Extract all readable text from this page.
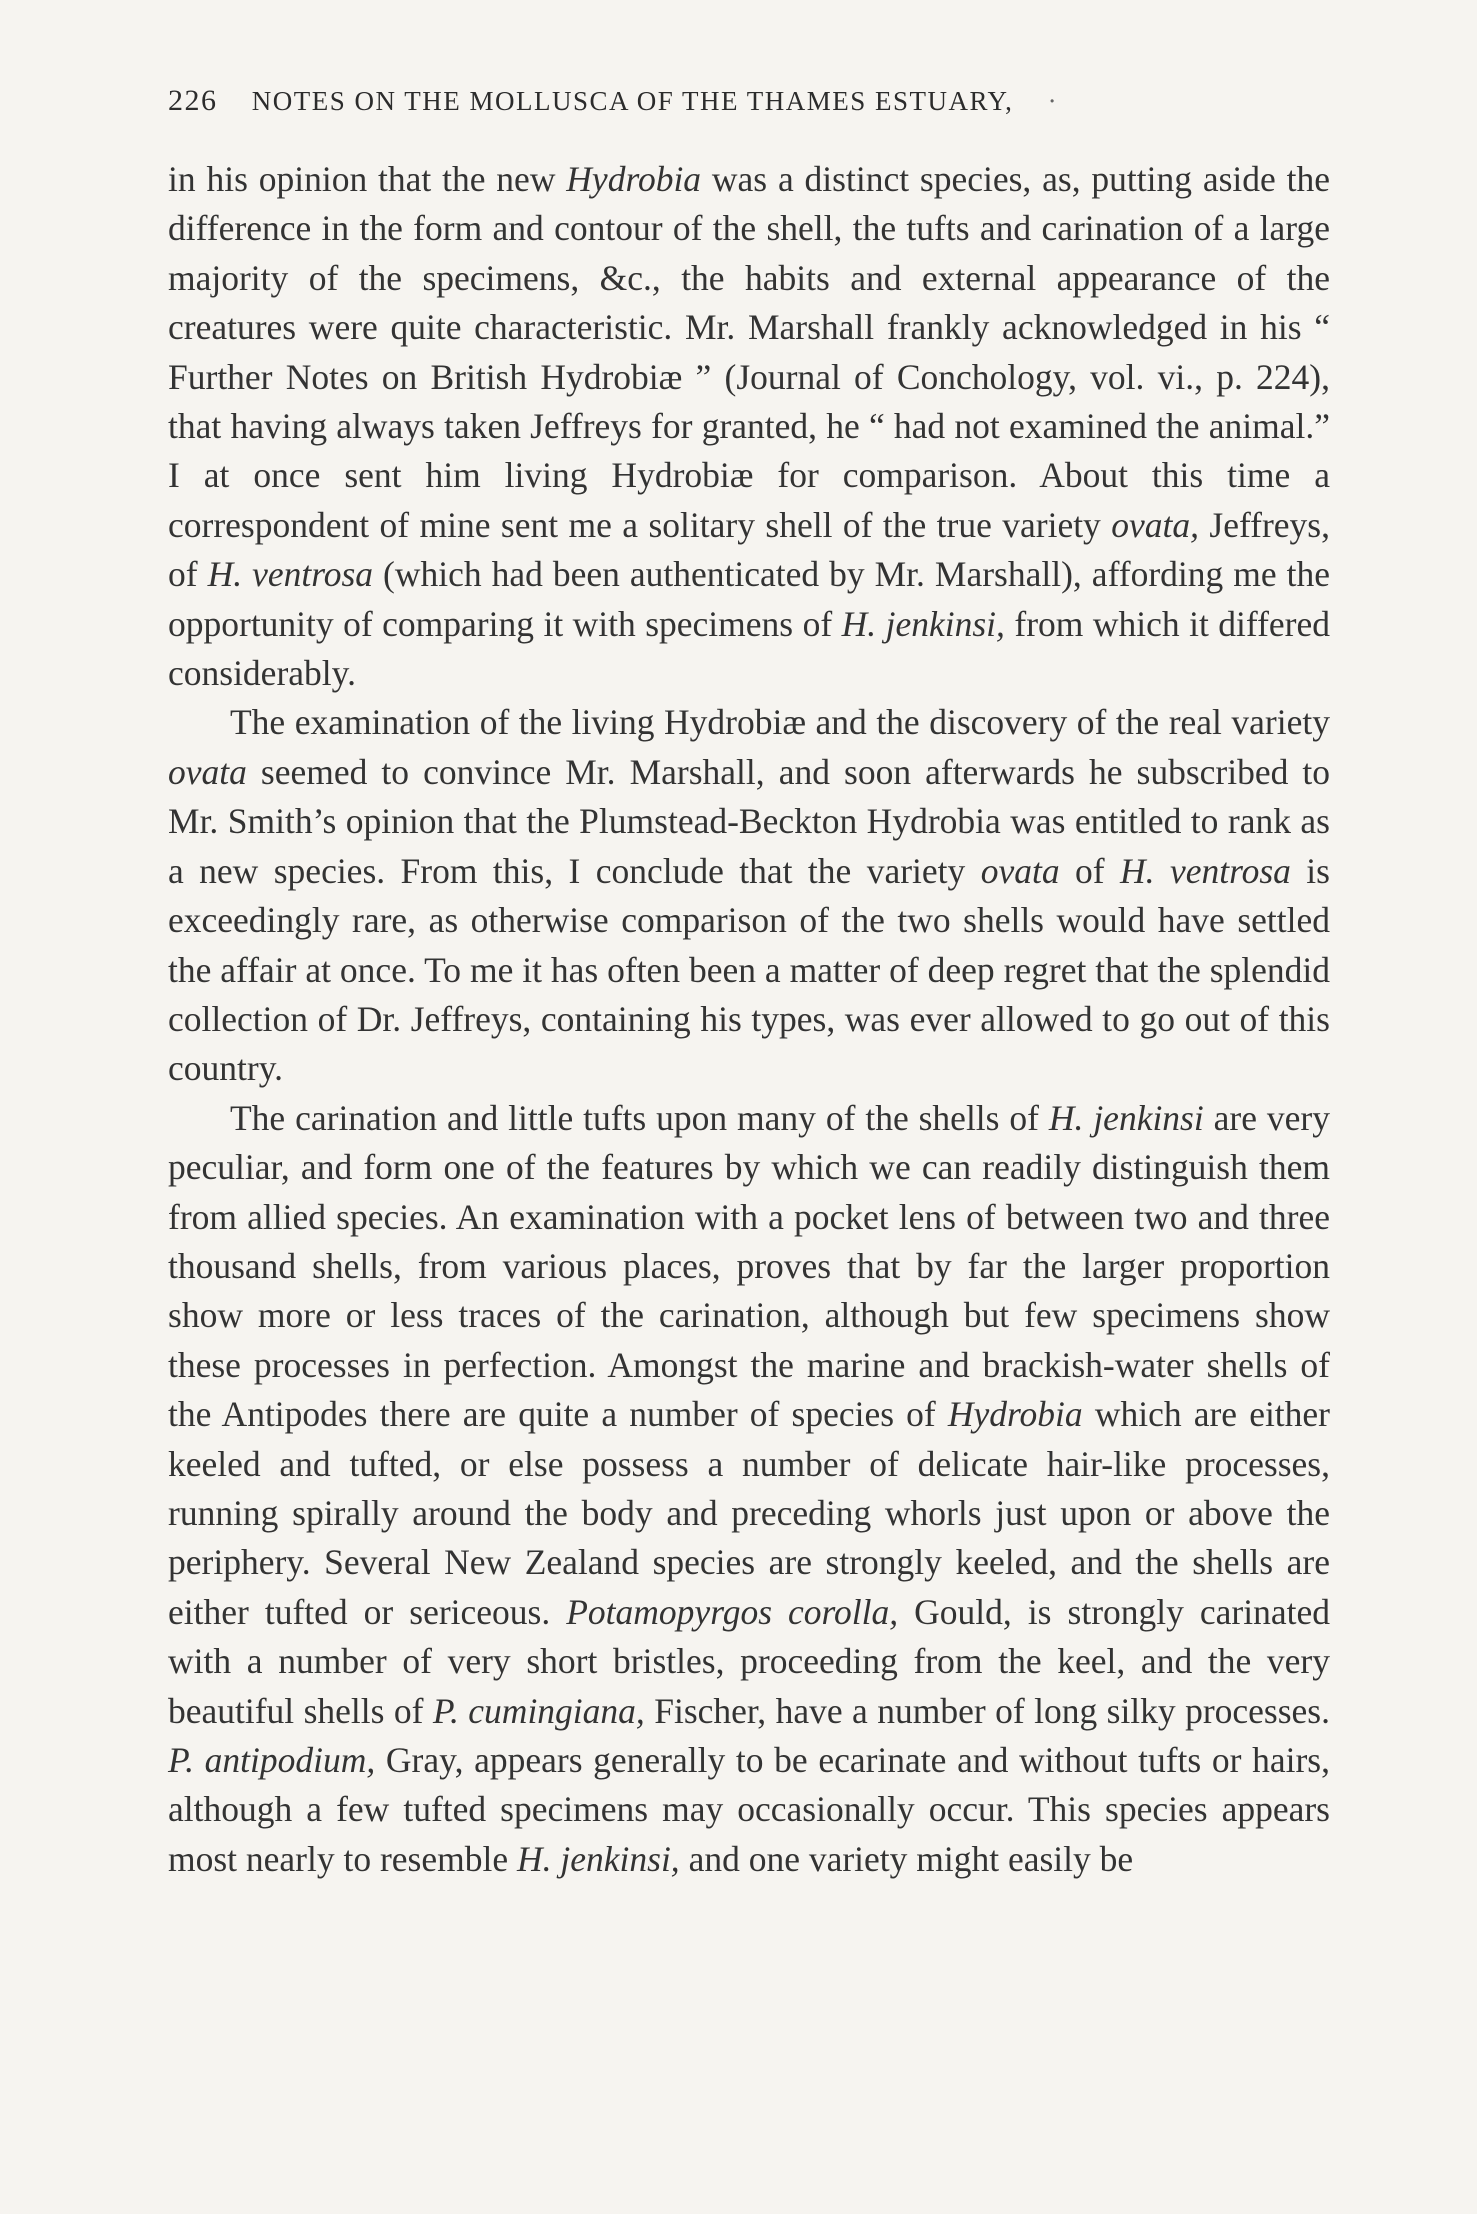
226 NOTES ON THE MOLLUSCA OF THE THAMES ESTUARY, ·

in his opinion that the new Hydrobia was a distinct species, as, putting aside the difference in the form and contour of the shell, the tufts and carination of a large majority of the specimens, &c., the habits and external appearance of the creatures were quite characteristic. Mr. Marshall frankly acknowledged in his “ Further Notes on British Hydrobiæ ” (Journal of Conchology, vol. vi., p. 224), that having always taken Jeffreys for granted, he “ had not examined the animal.” I at once sent him living Hydrobiæ for comparison. About this time a correspondent of mine sent me a solitary shell of the true variety ovata, Jeffreys, of H. ventrosa (which had been authenticated by Mr. Marshall), affording me the opportunity of comparing it with specimens of H. jenkinsi, from which it differed considerably.

The examination of the living Hydrobiæ and the discovery of the real variety ovata seemed to convince Mr. Marshall, and soon afterwards he subscribed to Mr. Smith’s opinion that the Plumstead-Beckton Hydrobia was entitled to rank as a new species. From this, I conclude that the variety ovata of H. ventrosa is exceedingly rare, as otherwise comparison of the two shells would have settled the affair at once. To me it has often been a matter of deep regret that the splendid collection of Dr. Jeffreys, containing his types, was ever allowed to go out of this country.

The carination and little tufts upon many of the shells of H. jenkinsi are very peculiar, and form one of the features by which we can readily distinguish them from allied species. An examination with a pocket lens of between two and three thousand shells, from various places, proves that by far the larger proportion show more or less traces of the carination, although but few specimens show these processes in perfection. Amongst the marine and brackish-water shells of the Antipodes there are quite a number of species of Hydrobia which are either keeled and tufted, or else possess a number of delicate hair-like processes, running spirally around the body and preceding whorls just upon or above the periphery. Several New Zealand species are strongly keeled, and the shells are either tufted or sericeous. Potamopyrgos corolla, Gould, is strongly carinated with a number of very short bristles, proceeding from the keel, and the very beautiful shells of P. cumingiana, Fischer, have a number of long silky processes. P. antipodium, Gray, appears generally to be ecarinate and without tufts or hairs, although a few tufted specimens may occasionally occur. This species appears most nearly to resemble H. jenkinsi, and one variety might easily be
